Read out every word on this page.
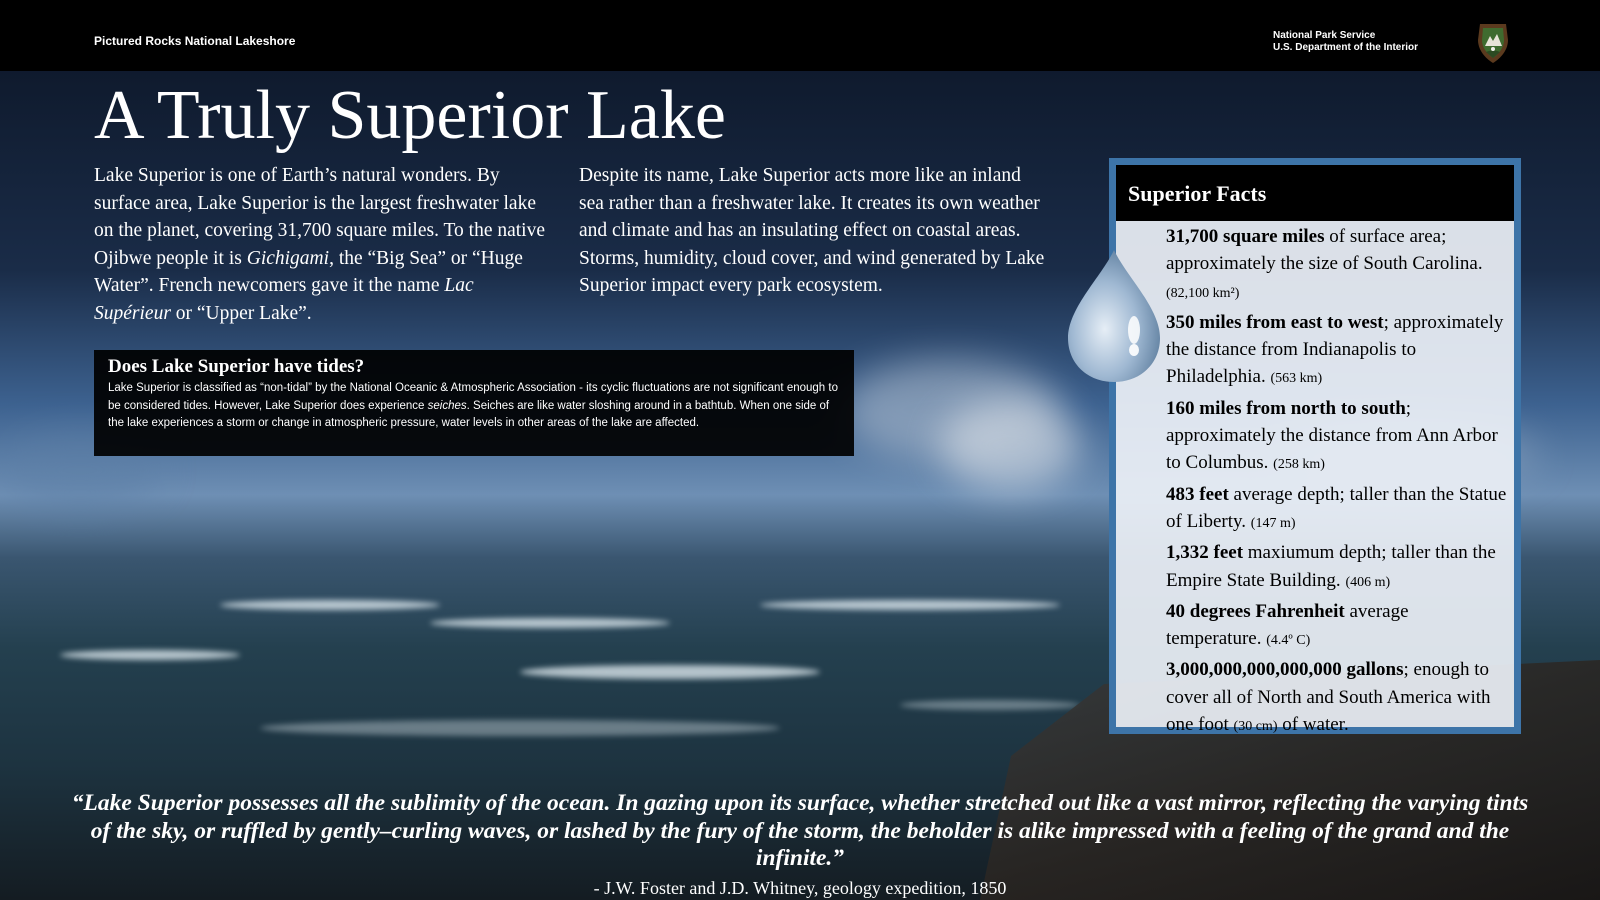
Pictured Rocks National Lakeshore	National Park Service
U.S. Department of the Interior
A Truly Superior Lake
Lake Superior is one of Earth’s natural wonders. By surface area, Lake Superior is the largest freshwater lake on the planet, covering 31,700 square miles. To the native Ojibwe people it is Gichigami, the “Big Sea” or “Huge Water”. French newcomers gave it the name Lac Supérieur or “Upper Lake”.
Despite its name, Lake Superior acts more like an inland sea rather than a freshwater lake. It creates its own weather and climate and has an insulating effect on coastal areas. Storms, humidity, cloud cover, and wind generated by Lake Superior impact every park ecosystem.
Does Lake Superior have tides?

Lake Superior is classified as “non-tidal” by the National Oceanic & Atmospheric Association - its cyclic fluctuations are not significant enough to be considered tides. However, Lake Superior does experience seiches. Seiches are like water sloshing around in a bathtub. When one side of the lake experiences a storm or change in atmospheric pressure, water levels in other areas of the lake are affected.

Superior Facts
31,700 square miles of surface area; approximately the size of South Carolina. (82,100 km²)
350 miles from east to west; approximately the distance from Indianapolis to Philadelphia. (563 km)
160 miles from north to south; approximately the distance from Ann Arbor to Columbus. (258 km)
483 feet average depth; taller than the Statue of Liberty. (147 m)
1,332 feet maxiumum depth; taller than the Empire State Building. (406 m)
40 degrees Fahrenheit average temperature. (4.4º C)
3,000,000,000,000,000 gallons; enough to cover all of North and South America with one foot (30 cm) of water.
“Lake Superior possesses all the sublimity of the ocean. In gazing upon its surface, whether stretched out like a vast mirror, reflecting the varying tints of the sky, or ruffled by gently–curling waves, or lashed by the fury of the storm, the beholder is alike impressed with a feeling of the grand and the infinite.”
- J.W. Foster and J.D. Whitney, geology expedition, 1850
